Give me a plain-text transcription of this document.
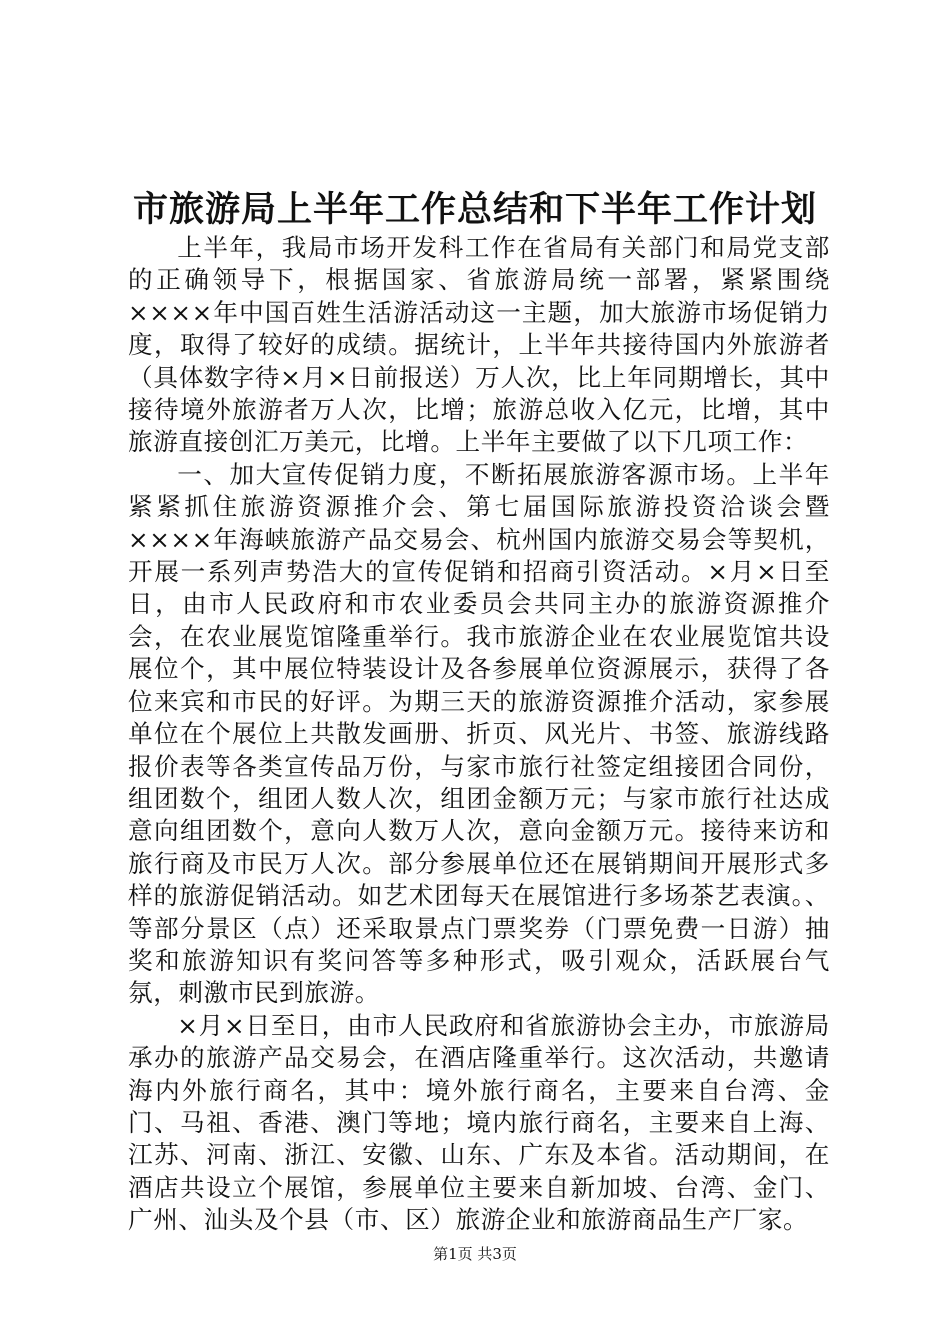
市旅游局上半年工作总结和下半年工作计划

上半年，我局市场开发科工作在省局有关部门和局党支部的正确领导下，根据国家、省旅游局统一部署，紧紧围绕××××年中国百姓生活游活动这一主题，加大旅游市场促销力度，取得了较好的成绩。据统计，上半年共接待国内外旅游者（具体数字待×月×日前报送）万人次，比上年同期增长，其中接待境外旅游者万人次，比增；旅游总收入亿元，比增，其中旅游直接创汇万美元，比增。上半年主要做了以下几项工作：

一、加大宣传促销力度，不断拓展旅游客源市场。上半年紧紧抓住旅游资源推介会、第七届国际旅游投资洽谈会暨××××年海峡旅游产品交易会、杭州国内旅游交易会等契机，开展一系列声势浩大的宣传促销和招商引资活动。×月×日至日，由市人民政府和市农业委员会共同主办的旅游资源推介会，在农业展览馆隆重举行。我市旅游企业在农业展览馆共设展位个，其中展位特装设计及各参展单位资源展示，获得了各位来宾和市民的好评。为期三天的旅游资源推介活动，家参展单位在个展位上共散发画册、折页、风光片、书签、旅游线路报价表等各类宣传品万份，与家市旅行社签定组接团合同份，组团数个，组团人数人次，组团金额万元；与家市旅行社达成意向组团数个，意向人数万人次，意向金额万元。接待来访和旅行商及市民万人次。部分参展单位还在展销期间开展形式多样的旅游促销活动。如艺术团每天在展馆进行多场茶艺表演。、等部分景区（点）还采取景点门票奖券（门票免费一日游）抽奖和旅游知识有奖问答等多种形式，吸引观众，活跃展台气氛，刺激市民到旅游。

×月×日至日，由市人民政府和省旅游协会主办，市旅游局承办的旅游产品交易会，在酒店隆重举行。这次活动，共邀请海内外旅行商名，其中：境外旅行商名，主要来自台湾、金门、马祖、香港、澳门等地；境内旅行商名，主要来自上海、江苏、河南、浙江、安徽、山东、广东及本省。活动期间，在酒店共设立个展馆，参展单位主要来自新加坡、台湾、金门、广州、汕头及个县（市、区）旅游企业和旅游商品生产厂家。

第1页 共3页
